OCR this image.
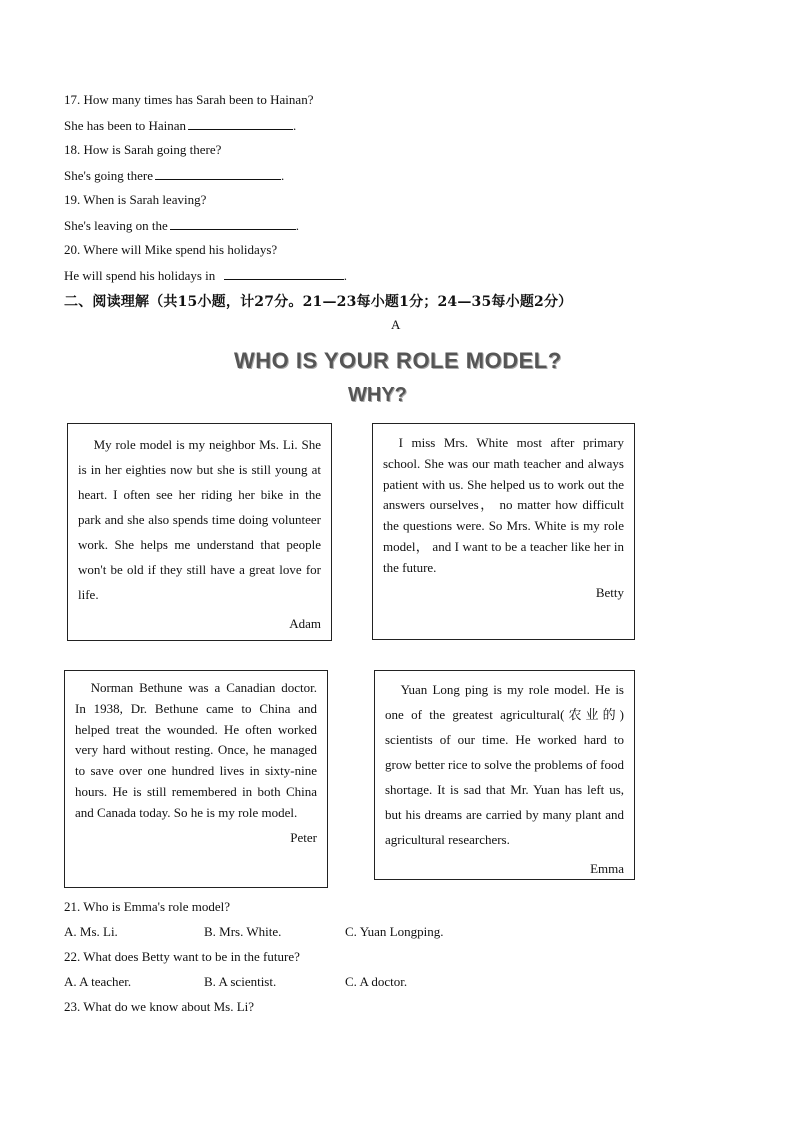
17. How many times has Sarah been to Hainan?
She has been to Hainan	.
18. How is Sarah going there?
She's going there	.
19. When is Sarah leaving?
She's leaving on the	.
20. Where will Mike spend his holidays?
He will spend his holidays in	.
二、阅读理解（共15小题，计27分。21—23每小题1分；24—35每小题2分）
A
WHO IS YOUR ROLE MODEL?
WHY?

My role model is my neighbor Ms. Li. She is in her eighties now but she is still young at heart. I often see her riding her bike in the park and she also spends time doing volunteer work. She helps me understand that people won't be old if they still have a great love for life.

Adam

I miss Mrs. White most after primary school. She was our math teacher and always patient with us. She helped us to work out the answers ourselves， no matter how difficult the questions were. So Mrs. White is my role model， and I want to be a teacher like her in the future.

Betty

Norman Bethune was a Canadian doctor. In 1938, Dr. Bethune came to China and helped treat the wounded. He often worked very hard without resting. Once, he managed to save over one hundred lives in sixty-nine hours. He is still remembered in both China and Canada today. So he is my role model.

Peter

Yuan Long ping is my role model. He is one of the greatest agricultural(农业的) scientists of our time. He worked hard to grow better rice to solve the problems of food shortage. It is sad that Mr. Yuan has left us, but his dreams are carried by many plant and agricultural researchers.

Emma
21. Who is Emma's role model?
A. Ms. Li.	B. Mrs. White.	C. Yuan Longping.
22. What does Betty want to be in the future?
A. A teacher.	B. A scientist.	C. A doctor.
23. What do we know about Ms. Li?
